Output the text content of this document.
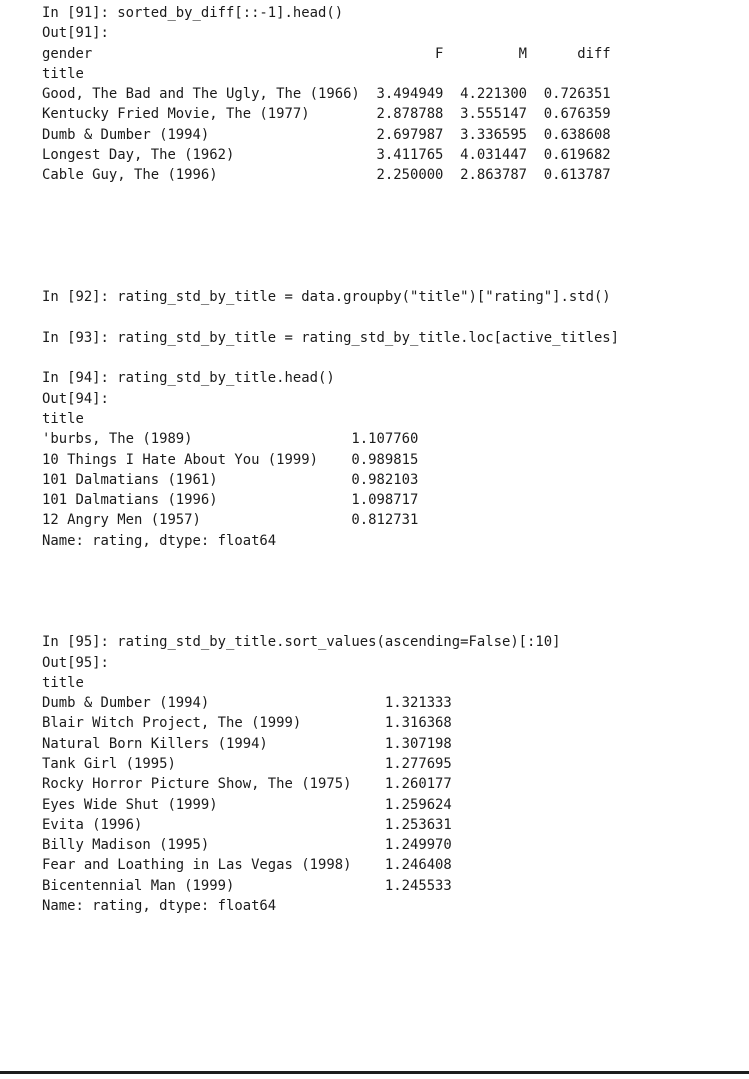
In [91]: sorted_by_diff[::-1].head()
Out[91]:
gender                                         F         M      diff
title
Good, The Bad and The Ugly, The (1966)  3.494949  4.221300  0.726351
Kentucky Fried Movie, The (1977)        2.878788  3.555147  0.676359
Dumb & Dumber (1994)                    2.697987  3.336595  0.638608
Longest Day, The (1962)                 3.411765  4.031447  0.619682
Cable Guy, The (1996)                   2.250000  2.863787  0.613787
In [92]: rating_std_by_title = data.groupby("title")["rating"].std()
In [93]: rating_std_by_title = rating_std_by_title.loc[active_titles]
In [94]: rating_std_by_title.head()
Out[94]:
title
'burbs, The (1989)                   1.107760
10 Things I Hate About You (1999)    0.989815
101 Dalmatians (1961)                0.982103
101 Dalmatians (1996)                1.098717
12 Angry Men (1957)                  0.812731
Name: rating, dtype: float64
In [95]: rating_std_by_title.sort_values(ascending=False)[:10]
Out[95]:
title
Dumb & Dumber (1994)                     1.321333
Blair Witch Project, The (1999)          1.316368
Natural Born Killers (1994)              1.307198
Tank Girl (1995)                         1.277695
Rocky Horror Picture Show, The (1975)    1.260177
Eyes Wide Shut (1999)                    1.259624
Evita (1996)                             1.253631
Billy Madison (1995)                     1.249970
Fear and Loathing in Las Vegas (1998)    1.246408
Bicentennial Man (1999)                  1.245533
Name: rating, dtype: float64
